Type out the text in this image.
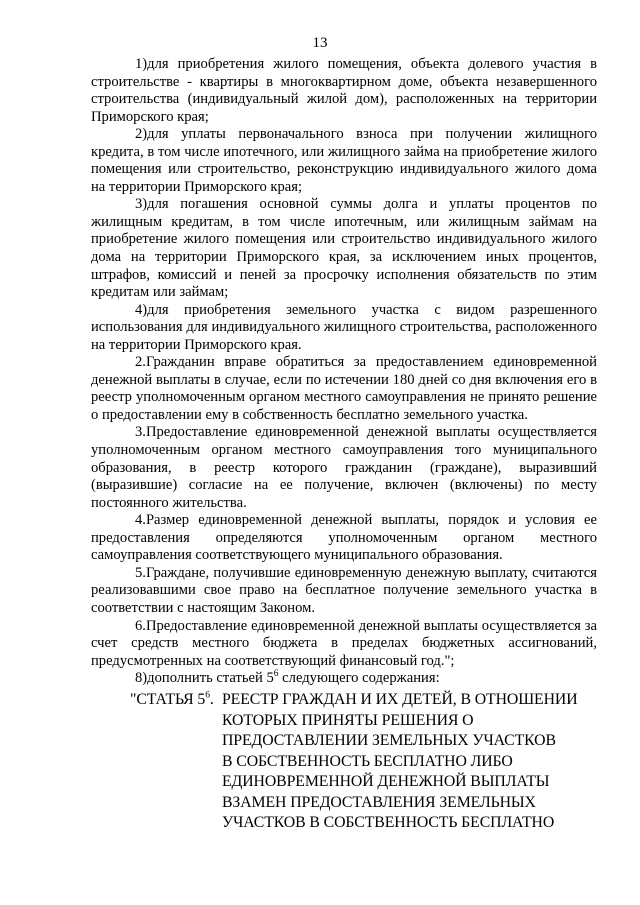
13

1)для приобретения жилого помещения, объекта долевого участия в строительстве - квартиры в многоквартирном доме, объекта незавершенного строительства (индивидуальный жилой дом), расположенных на территории Приморского края;

2)для уплаты первоначального взноса при получении жилищного кредита, в том числе ипотечного, или жилищного займа на приобретение жилого помещения или строительство, реконструкцию индивидуального жилого дома на территории Приморского края;

3)для погашения основной суммы долга и уплаты процентов по жилищным кредитам, в том числе ипотечным, или жилищным займам на приобретение жилого помещения или строительство индивидуального жилого дома на территории Приморского края, за исключением иных процентов, штрафов, комиссий и пеней за просрочку исполнения обязательств по этим кредитам или займам;

4)для приобретения земельного участка с видом разрешенного использования для индивидуального жилищного строительства, расположенного на территории Приморского края.

2.Гражданин вправе обратиться за предоставлением единовременной денежной выплаты в случае, если по истечении 180 дней со дня включения его в реестр уполномоченным органом местного самоуправления не принято решение о предоставлении ему в собственность бесплатно земельного участка.

3.Предоставление единовременной денежной выплаты осуществляется уполномоченным органом местного самоуправления того муниципального образования, в реестр которого гражданин (граждане), выразивший (выразившие) согласие на ее получение, включен (включены) по месту постоянного жительства.

4.Размер единовременной денежной выплаты, порядок и условия ее предоставления определяются уполномоченным органом местного самоуправления соответствующего муниципального образования.

5.Граждане, получившие единовременную денежную выплату, считаются реализовавшими свое право на бесплатное получение земельного участка в соответствии с настоящим Законом.

6.Предоставление единовременной денежной выплаты осуществляется за счет средств местного бюджета в пределах бюджетных ассигнований, предусмотренных на соответствующий финансовый год.";

8)дополнить статьей $5^6$ следующего содержания:

"СТАТЬЯ $5^6$. РЕЕСТР ГРАЖДАН И ИХ ДЕТЕЙ, В ОТНОШЕНИИ
КОТОРЫХ ПРИНЯТЫ РЕШЕНИЯ О
ПРЕДОСТАВЛЕНИИ ЗЕМЕЛЬНЫХ УЧАСТКОВ
В СОБСТВЕННОСТЬ БЕСПЛАТНО ЛИБО
ЕДИНОВРЕМЕННОЙ ДЕНЕЖНОЙ ВЫПЛАТЫ
ВЗАМЕН ПРЕДОСТАВЛЕНИЯ ЗЕМЕЛЬНЫХ
УЧАСТКОВ В СОБСТВЕННОСТЬ БЕСПЛАТНО
